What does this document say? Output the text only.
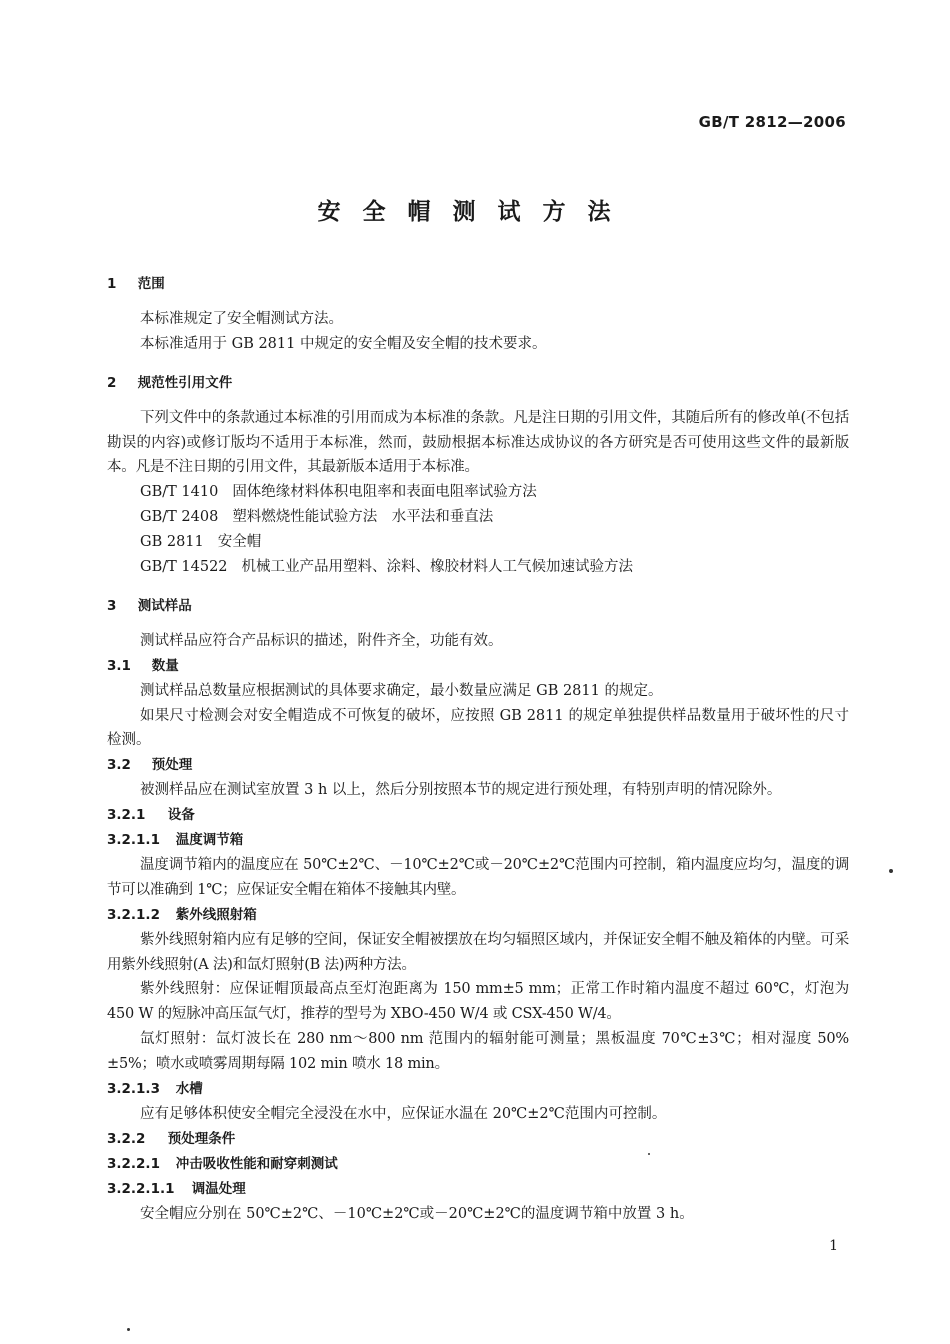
GB/T 2812—2006
安全帽测试方法
1 范围
本标准规定了安全帽测试方法。
本标准适用于 GB 2811 中规定的安全帽及安全帽的技术要求。
2 规范性引用文件
下列文件中的条款通过本标准的引用而成为本标准的条款。凡是注日期的引用文件，其随后所有的修改单(不包括勘误的内容)或修订版均不适用于本标准，然而，鼓励根据本标准达成协议的各方研究是否可使用这些文件的最新版本。凡是不注日期的引用文件，其最新版本适用于本标准。
GB/T 1410 固体绝缘材料体积电阻率和表面电阻率试验方法
GB/T 2408 塑料燃烧性能试验方法　水平法和垂直法
GB 2811 安全帽
GB/T 14522 机械工业产品用塑料、涂料、橡胶材料人工气候加速试验方法
3 测试样品
测试样品应符合产品标识的描述，附件齐全，功能有效。
3.1 数量
测试样品总数量应根据测试的具体要求确定，最小数量应满足 GB 2811 的规定。
如果尺寸检测会对安全帽造成不可恢复的破坏，应按照 GB 2811 的规定单独提供样品数量用于破坏性的尺寸检测。
3.2 预处理
被测样品应在测试室放置 3 h 以上，然后分别按照本节的规定进行预处理，有特别声明的情况除外。
3.2.1 设备
3.2.1.1 温度调节箱
温度调节箱内的温度应在 50℃±2℃、－10℃±2℃或－20℃±2℃范围内可控制，箱内温度应均匀，温度的调节可以准确到 1℃；应保证安全帽在箱体不接触其内壁。
3.2.1.2 紫外线照射箱
紫外线照射箱内应有足够的空间，保证安全帽被摆放在均匀辐照区域内，并保证安全帽不触及箱体的内壁。可采用紫外线照射(A 法)和氙灯照射(B 法)两种方法。
紫外线照射：应保证帽顶最高点至灯泡距离为 150 mm±5 mm；正常工作时箱内温度不超过 60℃，灯泡为 450 W 的短脉冲高压氙气灯，推荐的型号为 XBO-450 W/4 或 CSX-450 W/4。
氙灯照射：氙灯波长在 280 nm～800 nm 范围内的辐射能可测量；黑板温度 70℃±3℃；相对湿度 50%±5%；喷水或喷雾周期每隔 102 min 喷水 18 min。
3.2.1.3 水槽
应有足够体积使安全帽完全浸没在水中，应保证水温在 20℃±2℃范围内可控制。
3.2.2 预处理条件
3.2.2.1 冲击吸收性能和耐穿刺测试
3.2.2.1.1 调温处理
安全帽应分别在 50℃±2℃、－10℃±2℃或－20℃±2℃的温度调节箱中放置 3 h。
1
